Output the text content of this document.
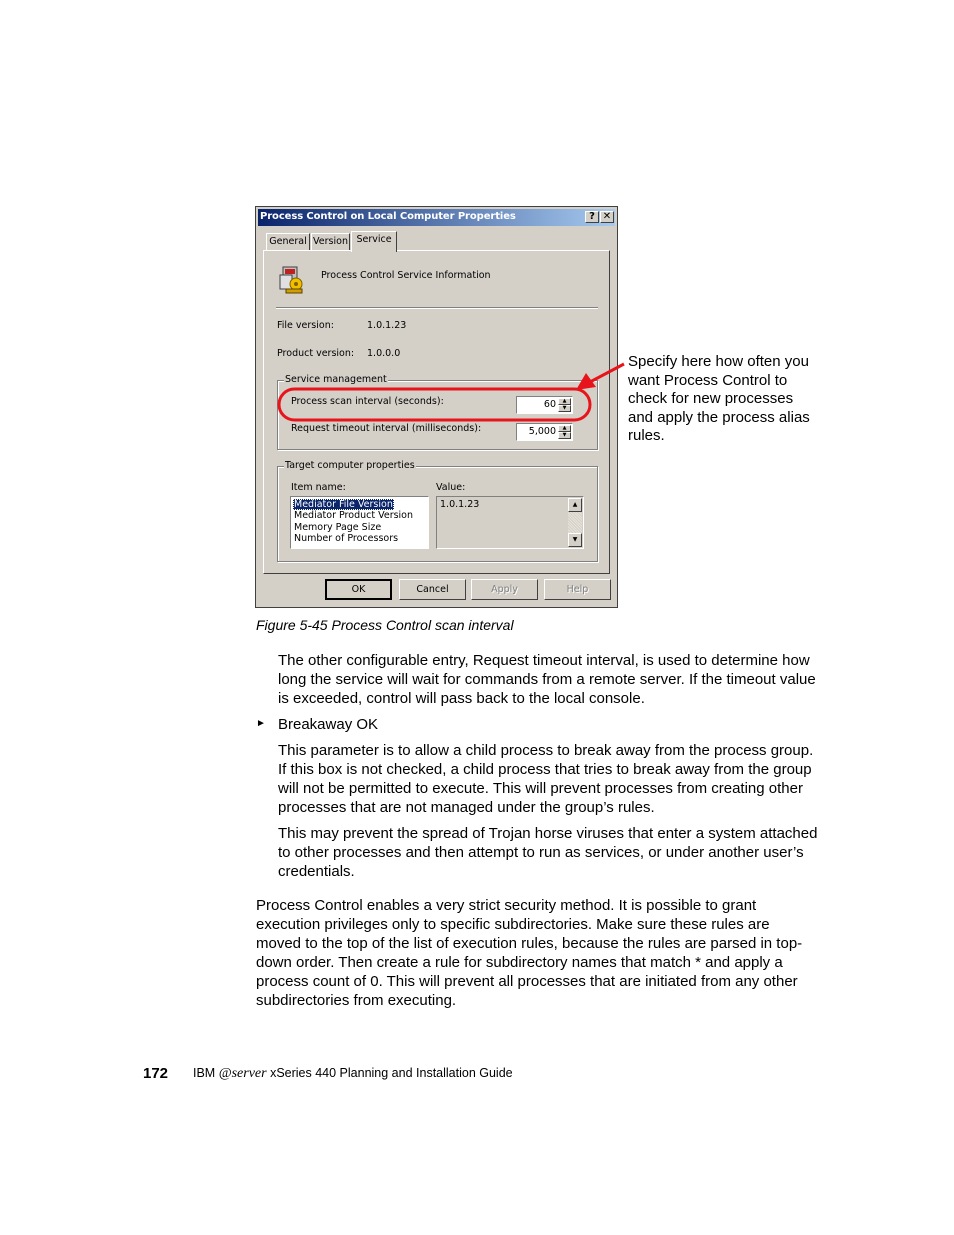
Process Control on Local Computer Properties	? ✕
General Version Service
Process Control Service Information
File version:	1.0.1.23
Product version: 1.0.0.0
Service management
Process scan interval (seconds):	60	▲
▼
Request timeout interval (milliseconds):	5,000	▲
▼
Target computer properties
Item name:	Value:
Mediator File Version
Mediator Product Version
Memory Page Size
Number of Processors
1.0.1.23	▲
▼
OK	Cancel	Apply	Help
Specify here how often you want Process Control to check for new processes and apply the process alias rules.
Figure 5-45 Process Control scan interval
The other configurable entry, Request timeout interval, is used to determine how long the service will wait for commands from a remote server. If the timeout value is exceeded, control will pass back to the local console.
► Breakaway OK
This parameter is to allow a child process to break away from the process group. If this box is not checked, a child process that tries to break away from the group will not be permitted to execute. This will prevent processes from creating other processes that are not managed under the group’s rules.
This may prevent the spread of Trojan horse viruses that enter a system attached to other processes and then attempt to run as services, or under another user’s credentials.
Process Control enables a very strict security method. It is possible to grant execution privileges only to specific subdirectories. Make sure these rules are moved to the top of the list of execution rules, because the rules are parsed in top-down order. Then create a rule for subdirectory names that match * and apply a process count of 0. This will prevent all processes that are initiated from any other subdirectories from executing.
172 IBM @server xSeries 440 Planning and Installation Guide
